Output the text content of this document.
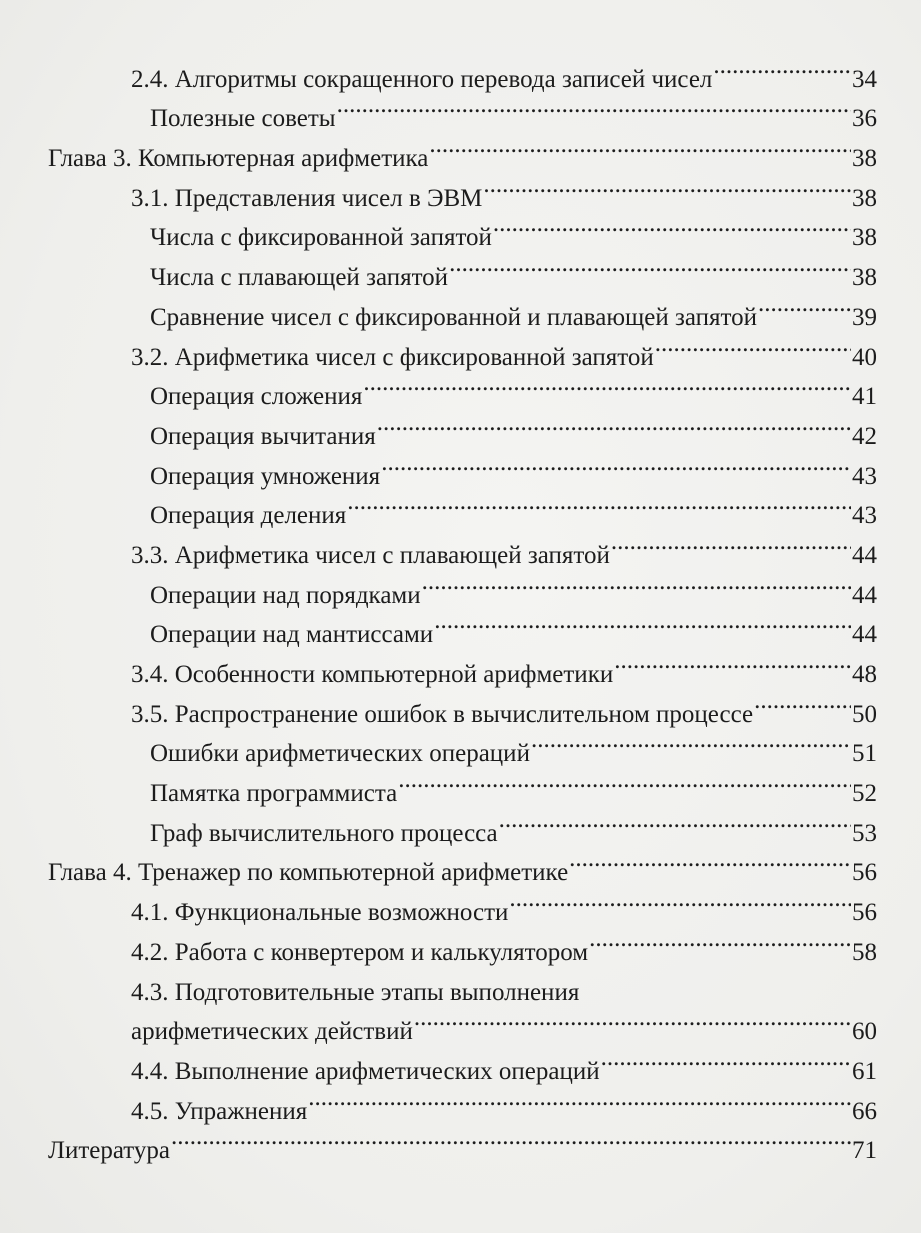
2.4. Алгоритмы сокращенного перевода записей чисел .....	34
Полезные советы .....	36
Глава 3. Компьютерная арифметика .....	38
3.1. Представления чисел в ЭВМ .....	38
Числа с фиксированной запятой .....	38
Числа с плавающей запятой .....	38
Сравнение чисел с фиксированной и плавающей запятой .....	39
3.2. Арифметика чисел с фиксированной запятой .....	40
Операция сложения .....	41
Операция вычитания .....	42
Операция умножения .....	43
Операция деления .....	43
3.3. Арифметика чисел с плавающей запятой .....	44
Операции над порядками .....	44
Операции над мантиссами .....	44
3.4. Особенности компьютерной арифметики .....	48
3.5. Распространение ошибок в вычислительном процессе .....	50
Ошибки арифметических операций .....	51
Памятка программиста .....	52
Граф вычислительного процесса .....	53
Глава 4. Тренажер по компьютерной арифметике .....	56
4.1. Функциональные возможности .....	56
4.2. Работа с конвертером и калькулятором .....	58
4.3. Подготовительные этапы выполнения
арифметических действий .....	60
4.4. Выполнение арифметических операций .....	61
4.5. Упражнения .....	66
Литература .....	71
